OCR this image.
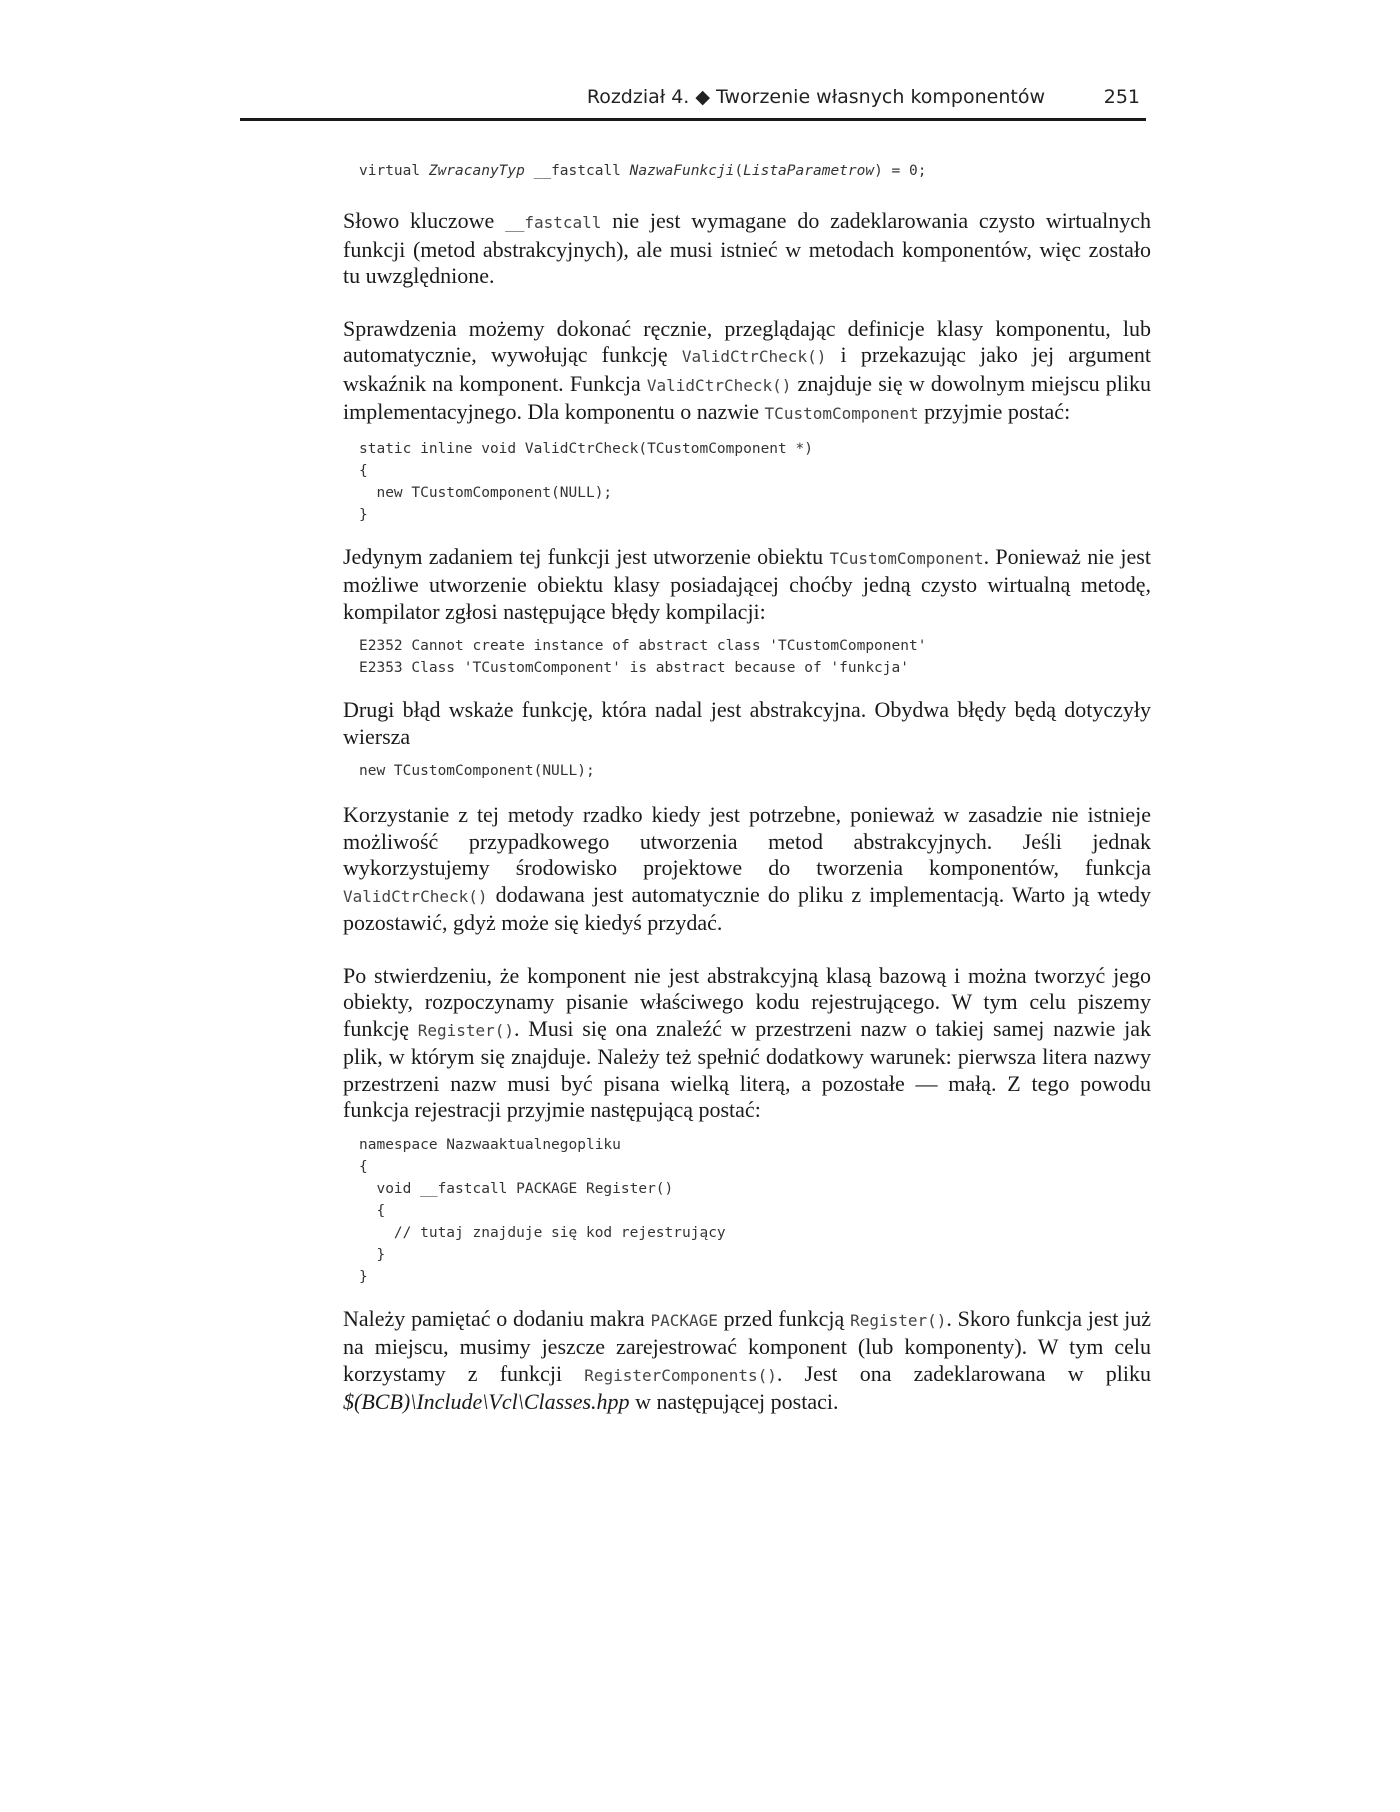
Rozdział 4. ◆ Tworzenie własnych komponentów	251
virtual ZwracanyTyp __fastcall NazwaFunkcji(ListaParametrow) = 0;

Słowo kluczowe __fastcall nie jest wymagane do zadeklarowania czysto wirtualnych funkcji (metod abstrakcyjnych), ale musi istnieć w metodach komponentów, więc zostało tu uwzględnione.

Sprawdzenia możemy dokonać ręcznie, przeglądając definicje klasy komponentu, lub automatycznie, wywołując funkcję ValidCtrCheck() i przekazując jako jej argument wskaźnik na komponent. Funkcja ValidCtrCheck() znajduje się w dowolnym miejscu pliku implementacyjnego. Dla komponentu o nazwie TCustomComponent przyjmie postać:

static inline void ValidCtrCheck(TCustomComponent *)
{
new TCustomComponent(NULL);
}

Jedynym zadaniem tej funkcji jest utworzenie obiektu TCustomComponent. Ponieważ nie jest możliwe utworzenie obiektu klasy posiadającej choćby jedną czysto wirtualną metodę, kompilator zgłosi następujące błędy kompilacji:

E2352 Cannot create instance of abstract class 'TCustomComponent'
E2353 Class 'TCustomComponent' is abstract because of 'funkcja'

Drugi błąd wskaże funkcję, która nadal jest abstrakcyjna. Obydwa błędy będą dotyczyły wiersza

new TCustomComponent(NULL);

Korzystanie z tej metody rzadko kiedy jest potrzebne, ponieważ w zasadzie nie istnieje możliwość przypadkowego utworzenia metod abstrakcyjnych. Jeśli jednak wykorzystujemy środowisko projektowe do tworzenia komponentów, funkcja ValidCtrCheck() dodawana jest automatycznie do pliku z implementacją. Warto ją wtedy pozostawić, gdyż może się kiedyś przydać.

Po stwierdzeniu, że komponent nie jest abstrakcyjną klasą bazową i można tworzyć jego obiekty, rozpoczynamy pisanie właściwego kodu rejestrującego. W tym celu piszemy funkcję Register(). Musi się ona znaleźć w przestrzeni nazw o takiej samej nazwie jak plik, w którym się znajduje. Należy też spełnić dodatkowy warunek: pierwsza litera nazwy przestrzeni nazw musi być pisana wielką literą, a pozostałe — małą. Z tego powodu funkcja rejestracji przyjmie następującą postać:

namespace Nazwaaktualnegopliku
{
void __fastcall PACKAGE Register()
{
// tutaj znajduje się kod rejestrujący
}
}

Należy pamiętać o dodaniu makra PACKAGE przed funkcją Register(). Skoro funkcja jest już na miejscu, musimy jeszcze zarejestrować komponent (lub komponenty). W tym celu korzystamy z funkcji RegisterComponents(). Jest ona zadeklarowana w pliku $(BCB)\Include\Vcl\Classes.hpp w następującej postaci.
